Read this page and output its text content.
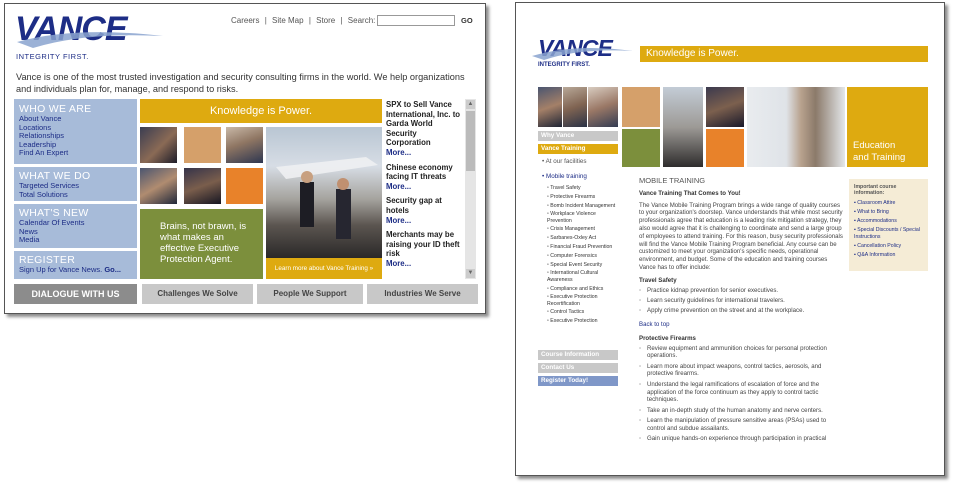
VANCE
INTEGRITY FIRST.
Careers | Site Map | Store | Search:	GO
Vance is one of the most trusted investigation and security consulting firms in the world. We help organizations and individuals plan for, manage, and respond to risks.
WHO WE ARE
About Vance
Locations
Relationships
Leadership
Find An Expert
WHAT WE DO
Targeted Services
Total Solutions
WHAT'S NEW
Calendar Of Events
News
Media
REGISTER
Sign Up for Vance News. Go...
Knowledge is Power.
Brains, not brawn, is what makes an effective Executive Protection Agent.
Learn more about Vance Training »
SPX to Sell Vance International, Inc. to Garda World Security Corporation
More...
Chinese economy facing IT threats
More...
Security gap at hotels
More...
Merchants may be raising your ID theft risk
More...
▲
▼
DIALOGUE WITH US	Challenges We Solve	People We Support	Industries We Serve
VANCE
INTEGRITY FIRST.
Knowledge is Power.
Education
and Training
Why Vance
Vance Training
• At our facilities
• Mobile training
▫ Travel Safety
▫ Protective Firearms
▫ Bomb Incident Management
▫ Workplace Violence Prevention
▫ Crisis Management
▫ Sarbanes-Oxley Act
▫ Financial Fraud Prevention
▫ Computer Forensics
▫ Special Event Security
▫ International Cultural Awareness
▫ Compliance and Ethics
▫ Executive Protection Recertification
▫ Control Tactics
▫ Executive Protection
Course Information
Contact Us
Register Today!
MOBILE TRAINING
Vance Training That Comes to You!
The Vance Mobile Training Program brings a wide range of quality courses to your organization's doorstep. Vance understands that while most security professionals agree that education is a leading risk mitigation strategy, they also would agree that it is challenging to coordinate and send a large group of employees to attend training. For this reason, busy security professionals will find the Vance Mobile Training Program beneficial. Any course can be customized to meet your organization's specific needs, operational environment, and budget. Some of the education and training courses Vance has to offer include:
Travel Safety
▫ Practice kidnap prevention for senior executives.
▫ Learn security guidelines for international travelers.
▫ Apply crime prevention on the street and at the workplace.
Back to top
Protective Firearms
▫ Review equipment and ammunition choices for personal protection operations.
▫ Learn more about impact weapons, control tactics, aerosols, and protective firearms.
▫ Understand the legal ramifications of escalation of force and the application of the force continuum as they apply to control tactic techniques.
▫ Take an in-depth study of the human anatomy and nerve centers.
▫ Learn the manipulation of pressure sensitive areas (PSAs) used to control and subdue assailants.
▫ Gain unique hands-on experience through participation in practical
Important course information:
▪ Classroom Attire
▪ What to Bring
▪ Accommodations
▪ Special Discounts / Special Instructions
▪ Cancellation Policy
▪ Q&A Information
